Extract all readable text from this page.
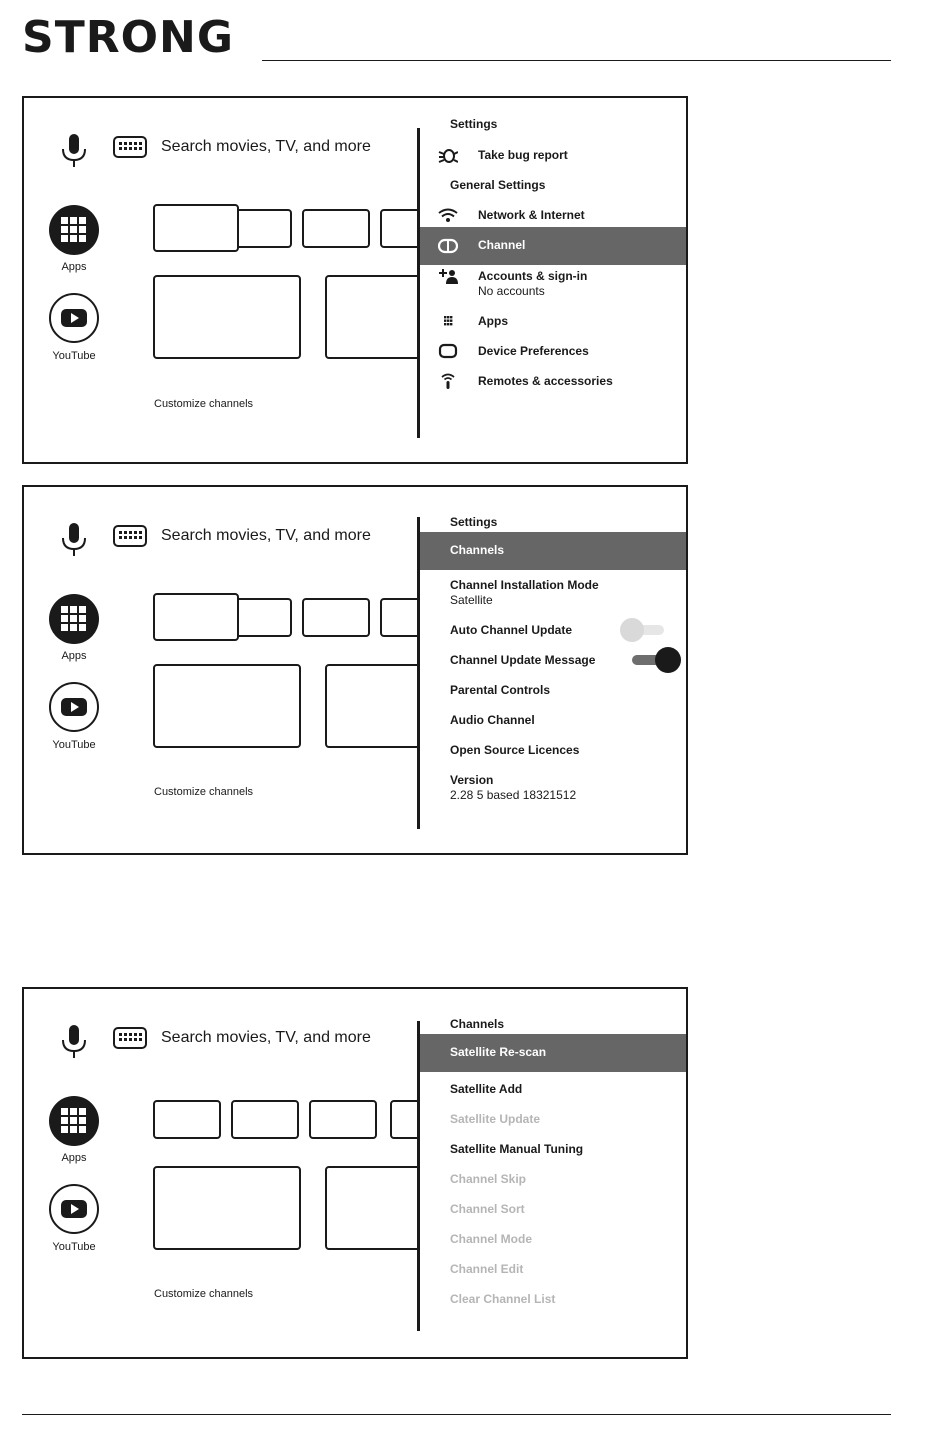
STRONG
Search movies, TV, and more
Apps
YouTube
Customize channels
Settings
Take bug report
General Settings
Network & Internet
Channel
Accounts & sign-in
No accounts
Apps
Device Preferences
Remotes & accessories
Search movies, TV, and more
Apps
YouTube
Customize channels
Settings
Channels
Channel Installation Mode
Satellite
Auto Channel Update
Channel Update Message
Parental Controls
Audio Channel
Open Source Licences
Version
2.28 5 based 18321512
Search movies, TV, and more
Apps
YouTube
Customize channels
Channels
Satellite Re-scan
Satellite Add
Satellite Update
Satellite Manual Tuning
Channel Skip
Channel Sort
Channel Mode
Channel Edit
Clear Channel List
